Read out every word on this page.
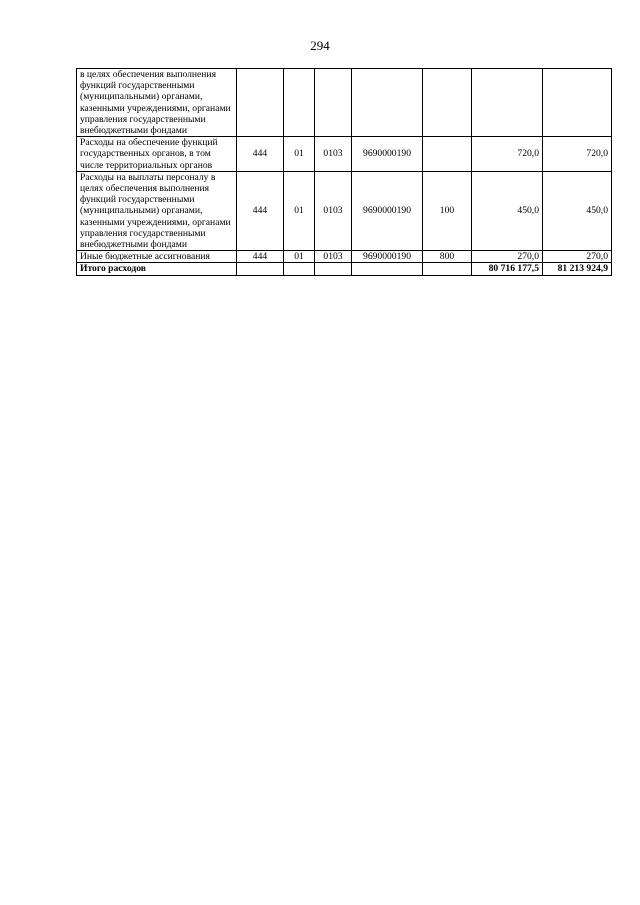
294
в целях обеспечения выполнения функций государственными (муниципальными) органами, казенными учреждениями, органами управления государственными внебюджетными фондами							
Расходы на обеспечение функций государственных органов, в том числе территориальных органов	444	01	0103	9690000190		720,0	720,0
Расходы на выплаты персоналу в целях обеспечения выполнения функций государственными (муниципальными) органами, казенными учреждениями, органами управления государственными внебюджетными фондами	444	01	0103	9690000190	100	450,0	450,0
Иные бюджетные ассигнования	444	01	0103	9690000190	800	270,0	270,0
Итого расходов						80 716 177,5	81 213 924,9
